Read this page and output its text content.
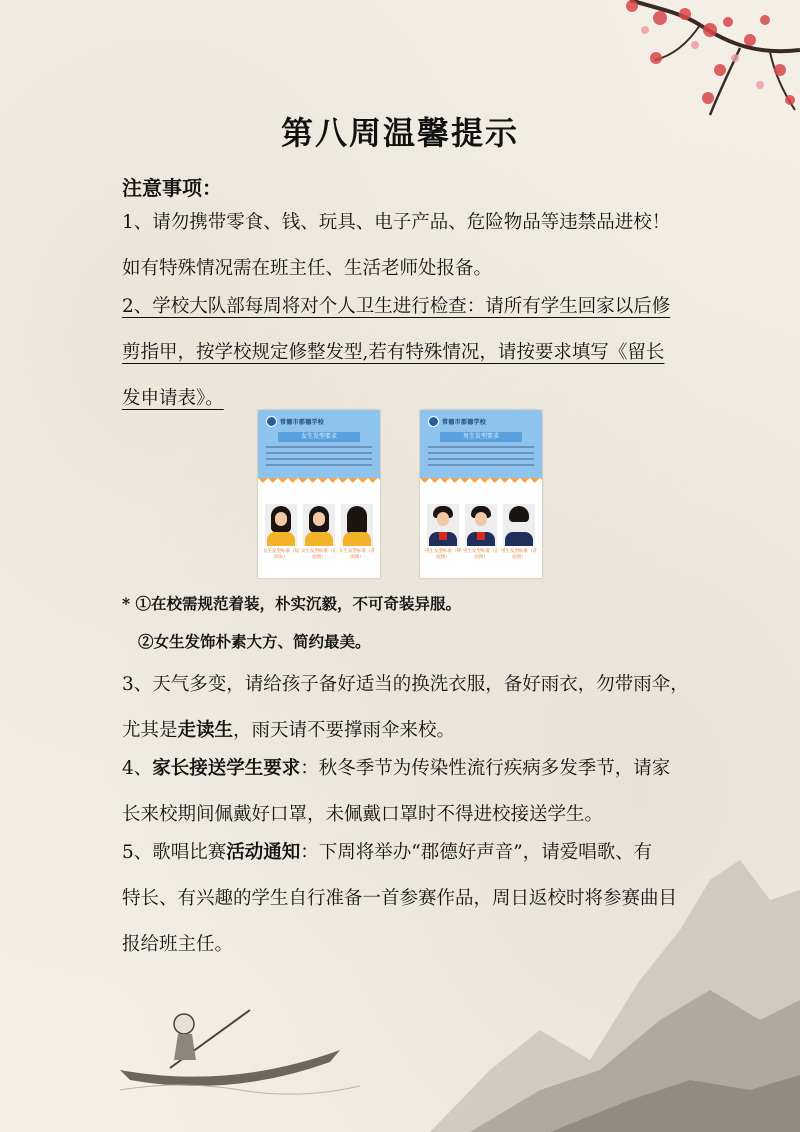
第八周温馨提示
注意事项：
1、请勿携带零食、钱、玩具、电子产品、危险物品等违禁品进校！
如有特殊情况需在班主任、生活老师处报备。
2、学校大队部每周将对个人卫生进行检查：请所有学生回家以后修
剪指甲，按学校规定修整发型,若有特殊情况，请按要求填写《留长
发申请表》。
常德市郡德学校
女生发型要求
女生发型标准（短圆发）
女生发型标准（正面图）
女生发型标准（背面图）
常德市郡德学校
男生发型要求
男生发型标准（侧面图）
男生发型标准（正面图）
男生发型标准（背面图）
* ①在校需规范着装，朴实沉毅，不可奇装异服。
②女生发饰朴素大方、简约最美。
3、天气多变，请给孩子备好适当的换洗衣服，备好雨衣，勿带雨伞，
尤其是走读生，雨天请不要撑雨伞来校。
4、家长接送学生要求：秋冬季节为传染性流行疾病多发季节，请家
长来校期间佩戴好口罩，未佩戴口罩时不得进校接送学生。
5、歌唱比赛活动通知：下周将举办“郡德好声音”，请爱唱歌、有
特长、有兴趣的学生自行准备一首参赛作品，周日返校时将参赛曲目
报给班主任。
